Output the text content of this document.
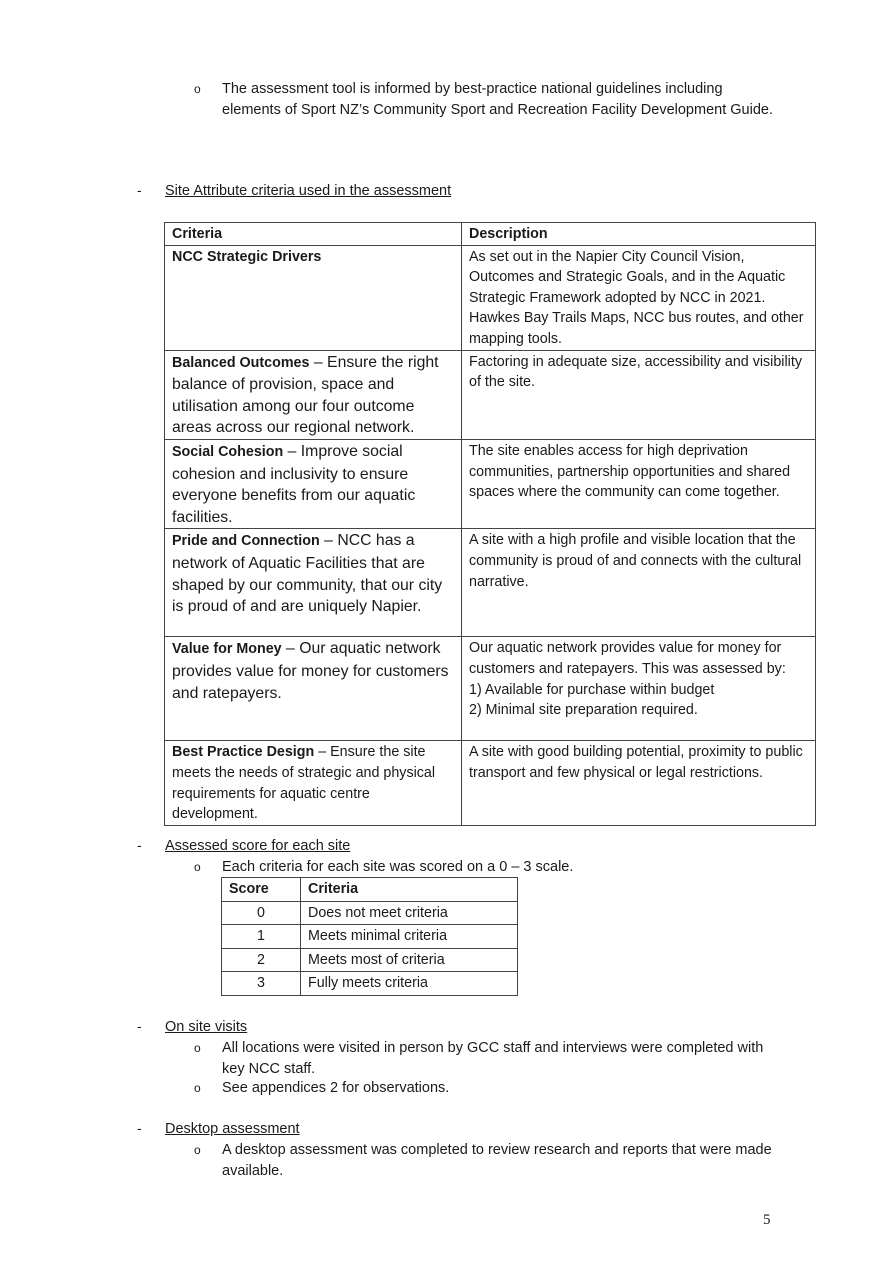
o The assessment tool is informed by best-practice national guidelines including elements of Sport NZ’s Community Sport and Recreation Facility Development Guide.
- Site Attribute criteria used in the assessment
Criteria	Description
NCC Strategic Drivers	As set out in the Napier City Council Vision, Outcomes and Strategic Goals, and in the Aquatic Strategic Framework adopted by NCC in 2021. Hawkes Bay Trails Maps, NCC bus routes, and other mapping tools.
Balanced Outcomes – Ensure the right balance of provision, space and utilisation among our four outcome areas across our regional network.	Factoring in adequate size, accessibility and visibility of the site.
Social Cohesion – Improve social cohesion and inclusivity to ensure everyone benefits from our aquatic facilities.	The site enables access for high deprivation communities, partnership opportunities and shared spaces where the community can come together.
Pride and Connection – NCC has a network of Aquatic Facilities that are shaped by our community, that our city is proud of and are uniquely Napier.	A site with a high profile and visible location that the community is proud of and connects with the cultural narrative.
Value for Money – Our aquatic network provides value for money for customers and ratepayers.	Our aquatic network provides value for money for customers and ratepayers. This was assessed by:
1) Available for purchase within budget
2) Minimal site preparation required.

Best Practice Design – Ensure the site meets the needs of strategic and physical requirements for aquatic centre development.	A site with good building potential, proximity to public transport and few physical or legal restrictions.
- Assessed score for each site
o Each criteria for each site was scored on a 0 – 3 scale.
Score	Criteria
0	Does not meet criteria
1	Meets minimal criteria
2	Meets most of criteria
3	Fully meets criteria
- On site visits
o All locations were visited in person by GCC staff and interviews were completed with key NCC staff.
o See appendices 2 for observations.
- Desktop assessment
o A desktop assessment was completed to review research and reports that were made available.
5
